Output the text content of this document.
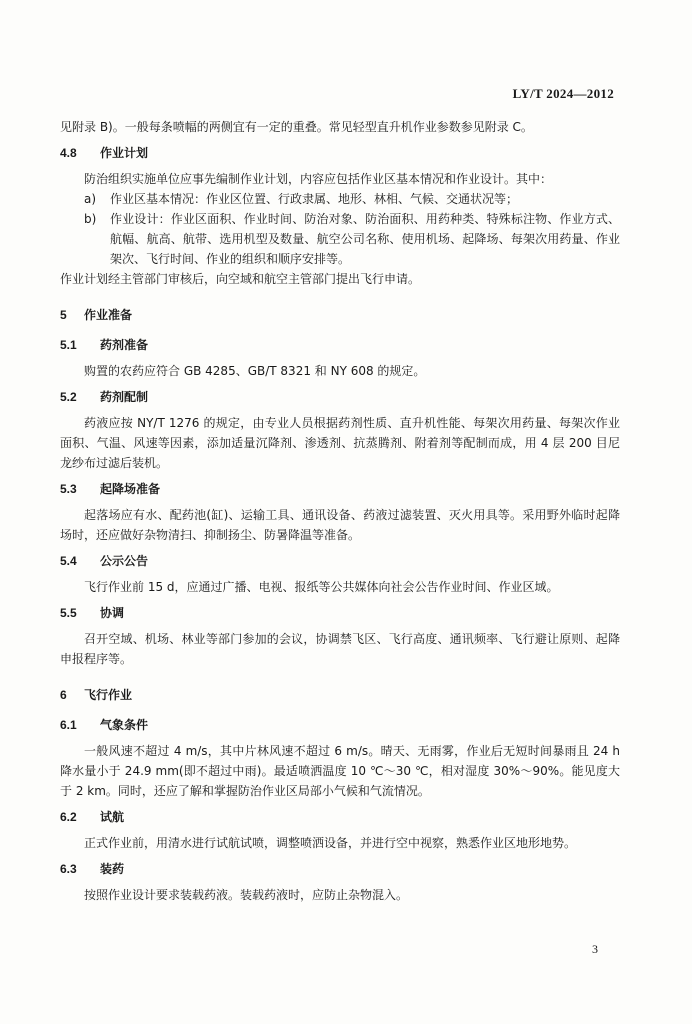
LY/T 2024—2012
见附录 B)。一般每条喷幅的两侧宜有一定的重叠。常见轻型直升机作业参数参见附录 C。
4.8	作业计划
防治组织实施单位应事先编制作业计划，内容应包括作业区基本情况和作业设计。其中：
a)	作业区基本情况：作业区位置、行政隶属、地形、林相、气候、交通状况等；
b)	作业设计：作业区面积、作业时间、防治对象、防治面积、用药种类、特殊标注物、作业方式、航幅、航高、航带、选用机型及数量、航空公司名称、使用机场、起降场、每架次用药量、作业架次、飞行时间、作业的组织和顺序安排等。
作业计划经主管部门审核后，向空域和航空主管部门提出飞行申请。
5	作业准备
5.1	药剂准备
购置的农药应符合 GB 4285、GB/T 8321 和 NY 608 的规定。
5.2	药剂配制
药液应按 NY/T 1276 的规定，由专业人员根据药剂性质、直升机性能、每架次用药量、每架次作业面积、气温、风速等因素，添加适量沉降剂、渗透剂、抗蒸腾剂、附着剂等配制而成，用 4 层 200 目尼龙纱布过滤后装机。
5.3	起降场准备
起落场应有水、配药池(缸)、运输工具、通讯设备、药液过滤装置、灭火用具等。采用野外临时起降场时，还应做好杂物清扫、抑制扬尘、防暑降温等准备。
5.4	公示公告
飞行作业前 15 d，应通过广播、电视、报纸等公共媒体向社会公告作业时间、作业区域。
5.5	协调
召开空域、机场、林业等部门参加的会议，协调禁飞区、飞行高度、通讯频率、飞行避让原则、起降申报程序等。
6	飞行作业
6.1	气象条件
一般风速不超过 4 m/s，其中片林风速不超过 6 m/s。晴天、无雨雾，作业后无短时间暴雨且 24 h 降水量小于 24.9 mm(即不超过中雨)。最适喷洒温度 10 ℃～30 ℃，相对湿度 30%～90%。能见度大于 2 km。同时，还应了解和掌握防治作业区局部小气候和气流情况。
6.2	试航
正式作业前，用清水进行试航试喷，调整喷洒设备，并进行空中视察，熟悉作业区地形地势。
6.3	装药
按照作业设计要求装载药液。装载药液时，应防止杂物混入。
3
